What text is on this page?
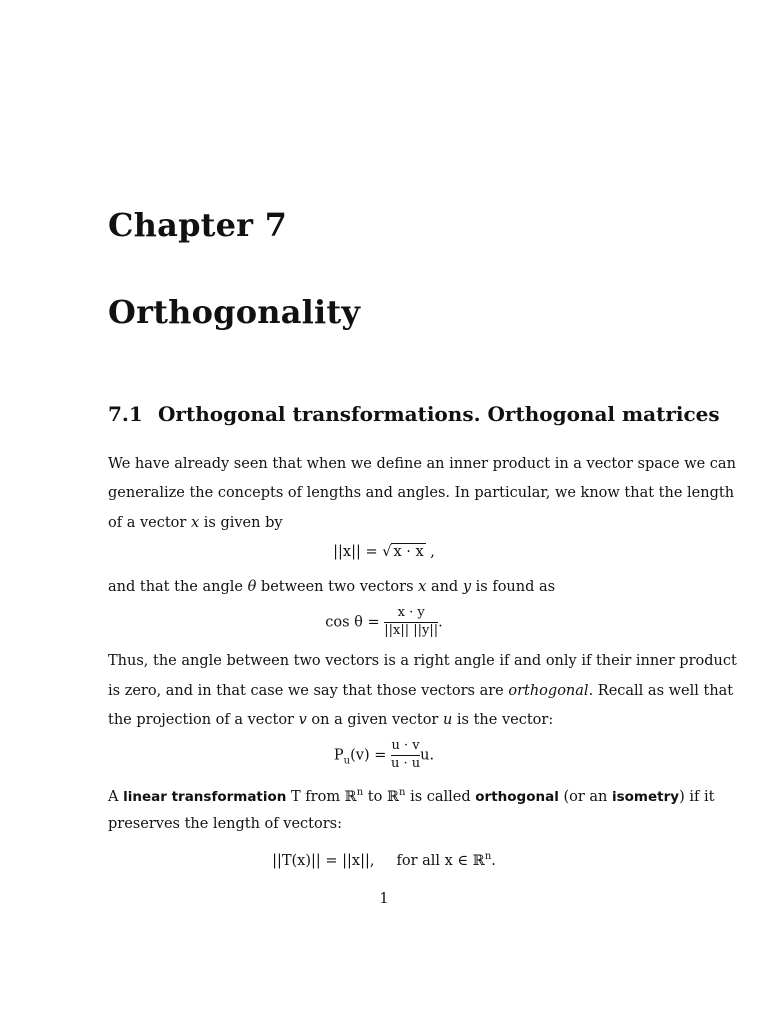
Chapter 7
Orthogonality
7.1 Orthogonal transformations. Orthogonal matrices
We have already seen that when we define an inner product in a vector space we can
generalize the concepts of lengths and angles. In particular, we know that the length
of a vector x is given by
||x|| = √ x · x ,
and that the angle θ between two vectors x and y is found as
$\cos \theta = \frac{x \cdot y}{||x|| ||y||}$ .
Thus, the angle between two vectors is a right angle if and only if their inner product
is zero, and in that case we say that those vectors are orthogonal. Recall as well that
the projection of a vector v on a given vector u is the vector:
$P_u(v) = \frac{u \cdot v}{u \cdot u} u$.
A linear transformation T from ℝ$^n$ to ℝ$^n$ is called orthogonal (or an isometry) if it
preserves the length of vectors:
||T(x)|| = ||x||, for all x ∈ ℝ$^n$.
1
